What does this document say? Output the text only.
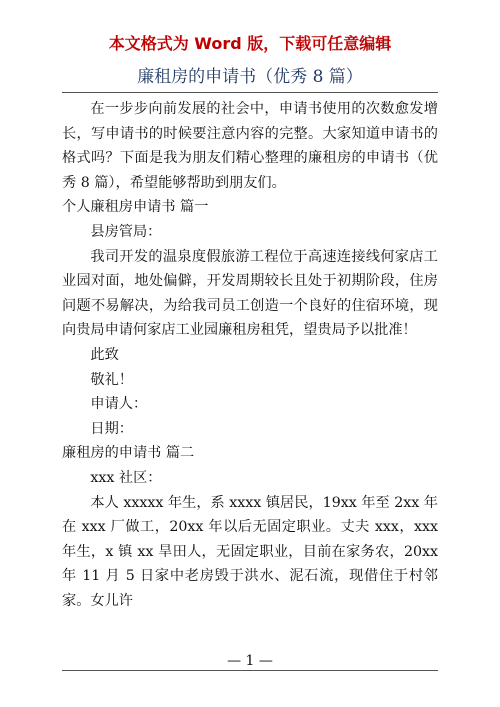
本文格式为 Word 版，下载可任意编辑
廉租房的申请书（优秀 8 篇）

在一步步向前发展的社会中，申请书使用的次数愈发增长，写申请书的时候要注意内容的完整。大家知道申请书的格式吗？下面是我为朋友们精心整理的廉租房的申请书（优秀 8 篇），希望能够帮助到朋友们。

个人廉租房申请书 篇一

县房管局：

我司开发的温泉度假旅游工程位于高速连接线何家店工业园对面，地处偏僻，开发周期较长且处于初期阶段，住房问题不易解决，为给我司员工创造一个良好的住宿环境，现向贵局申请何家店工业园廉租房租凭，望贵局予以批准！

此致

敬礼！

申请人：

日期：

廉租房的申请书 篇二

xxx 社区：

本人 xxxxx 年生，系 xxxx 镇居民，19xx 年至 2xx 年在 xxx 厂做工，20xx 年以后无固定职业。丈夫 xxx，xxx 年生，x 镇 xx 旱田人，无固定职业，目前在家务农，20xx 年 11 月 5 日家中老房毁于洪水、泥石流，现借住于村邻家。女儿许

— 1 —
